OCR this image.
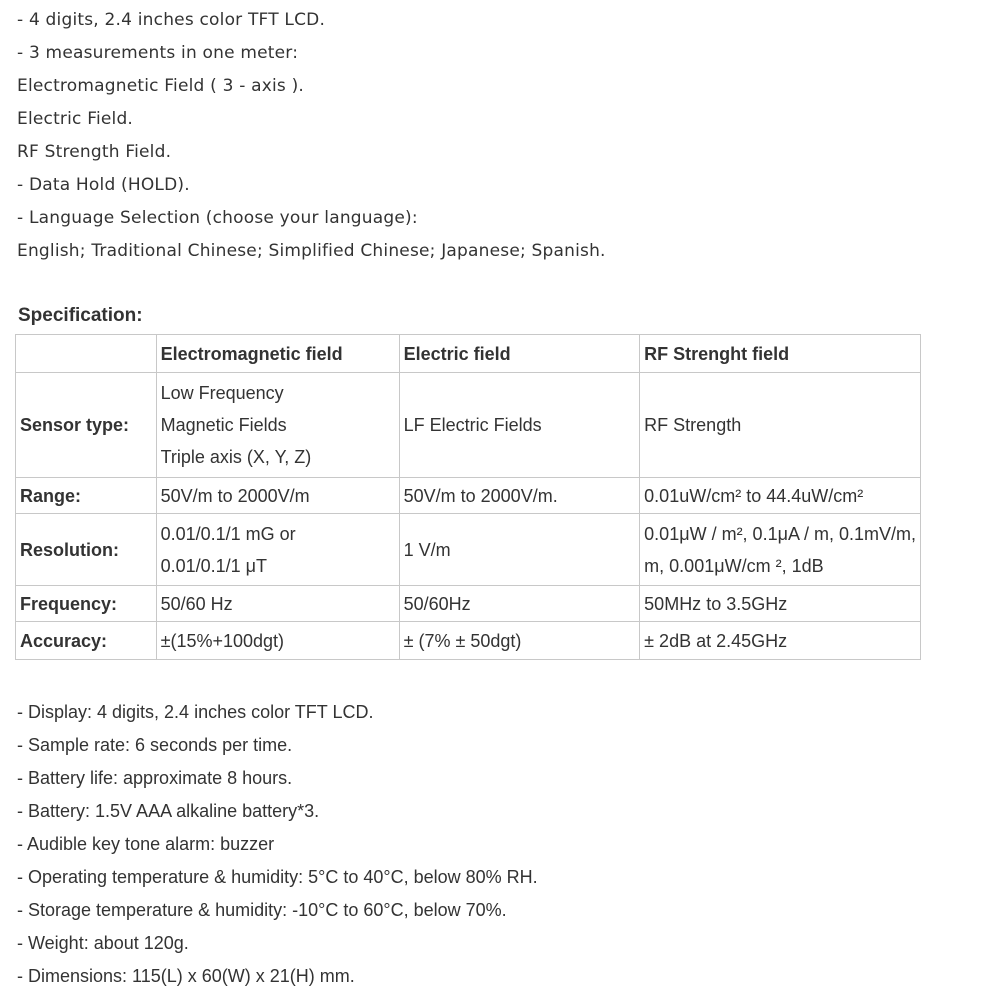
- 4 digits, 2.4 inches color TFT LCD.
- 3 measurements in one meter:
Electromagnetic Field ( 3 - axis ).
Electric Field.
RF Strength Field.
- Data Hold (HOLD).
- Language Selection (choose your language):
English; Traditional Chinese; Simplified Chinese; Japanese; Spanish.
Specification:
	Electromagnetic field	Electric field	RF Strenght field
Sensor type:	Low Frequency
Magnetic Fields
Triple axis (X, Y, Z)	LF Electric Fields	RF Strength
Range:	50V/m to 2000V/m	50V/m to 2000V/m.	0.01uW/cm² to 44.4uW/cm²
Resolution:	0.01/0.1/1 mG or
0.01/0.1/1 μT	1 V/m	0.01μW / m², 0.1μA / m, 0.1mV/m,
m, 0.001μW/cm ², 1dB

Frequency:	50/60 Hz	50/60Hz	50MHz to 3.5GHz
Accuracy:	±(15%+100dgt)	± (7% ± 50dgt)	± 2dB at 2.45GHz
- Display: 4 digits, 2.4 inches color TFT LCD.
- Sample rate: 6 seconds per time.
- Battery life: approximate 8 hours.
- Battery: 1.5V AAA alkaline battery*3.
- Audible key tone alarm: buzzer
- Operating temperature & humidity: 5°C to 40°C, below 80% RH.
- Storage temperature & humidity: -10°C to 60°C, below 70%.
- Weight: about 120g.
- Dimensions: 115(L) x 60(W) x 21(H) mm.
